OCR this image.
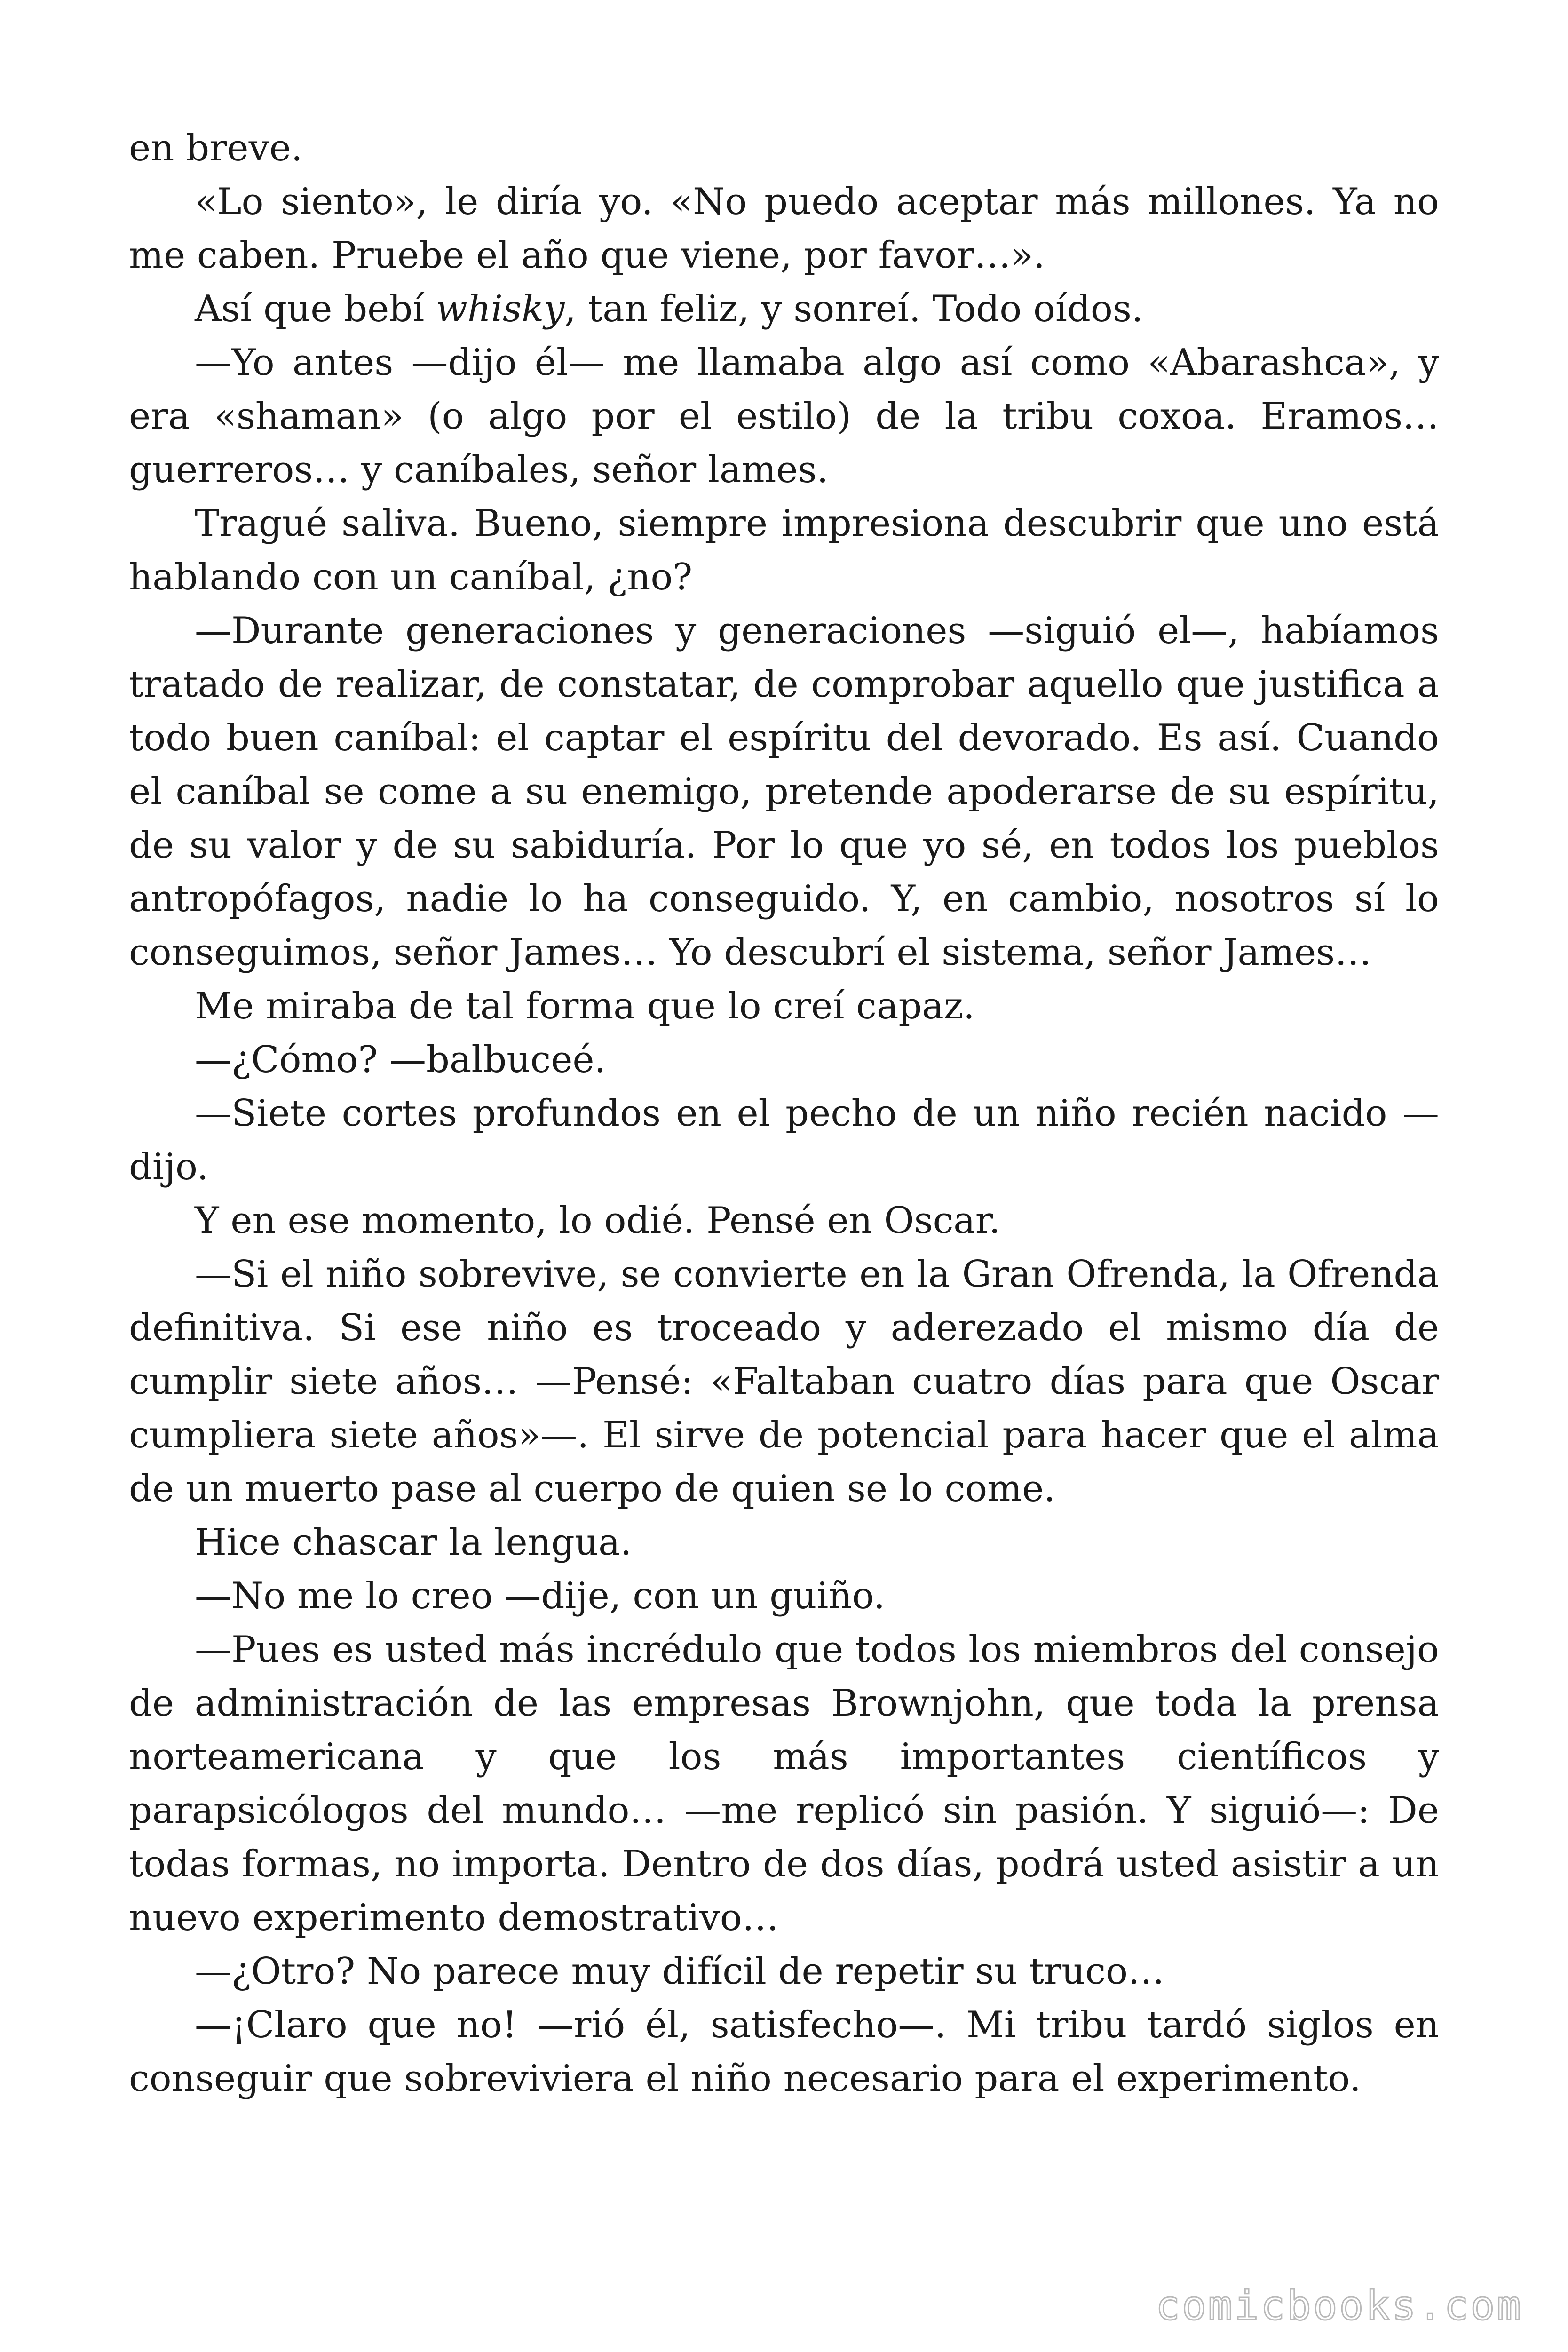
en breve.

«Lo siento», le diría yo. «No puedo aceptar más millones. Ya no me caben. Pruebe el año que viene, por favor…».

Así que bebí whisky, tan feliz, y sonreí. Todo oídos.

—Yo antes —dijo él— me llamaba algo así como «Abarashca», y era «shaman» (o algo por el estilo) de la tribu coxoa. Eramos… guerreros… y caníbales, señor lames.

Tragué saliva. Bueno, siempre impresiona descubrir que uno está hablando con un caníbal, ¿no?

—Durante generaciones y generaciones —siguió el—, habíamos tratado de realizar, de constatar, de comprobar aquello que justifica a todo buen caníbal: el captar el espíritu del devorado. Es así. Cuando el caníbal se come a su enemigo, pretende apoderarse de su espíritu, de su valor y de su sabiduría. Por lo que yo sé, en todos los pueblos antropófagos, nadie lo ha conseguido. Y, en cambio, nosotros sí lo conseguimos, señor James… Yo descubrí el sistema, señor James…

Me miraba de tal forma que lo creí capaz.

—¿Cómo? —balbuceé.

—Siete cortes profundos en el pecho de un niño recién nacido —dijo.

Y en ese momento, lo odié. Pensé en Oscar.

—Si el niño sobrevive, se convierte en la Gran Ofrenda, la Ofrenda definitiva. Si ese niño es troceado y aderezado el mismo día de cumplir siete años… —Pensé: «Faltaban cuatro días para que Oscar cumpliera siete años»—. El sirve de potencial para hacer que el alma de un muerto pase al cuerpo de quien se lo come.

Hice chascar la lengua.

—No me lo creo —dije, con un guiño.

—Pues es usted más incrédulo que todos los miembros del consejo de administración de las empresas Brownjohn, que toda la prensa norteamericana y que los más importantes científicos y parapsicólogos del mundo… —me replicó sin pasión. Y siguió—: De todas formas, no importa. Dentro de dos días, podrá usted asistir a un nuevo experimento demostrativo…

—¿Otro? No parece muy difícil de repetir su truco…

—¡Claro que no! —rió él, satisfecho—. Mi tribu tardó siglos en conseguir que sobreviviera el niño necesario para el experimento.

comicbooks.com
